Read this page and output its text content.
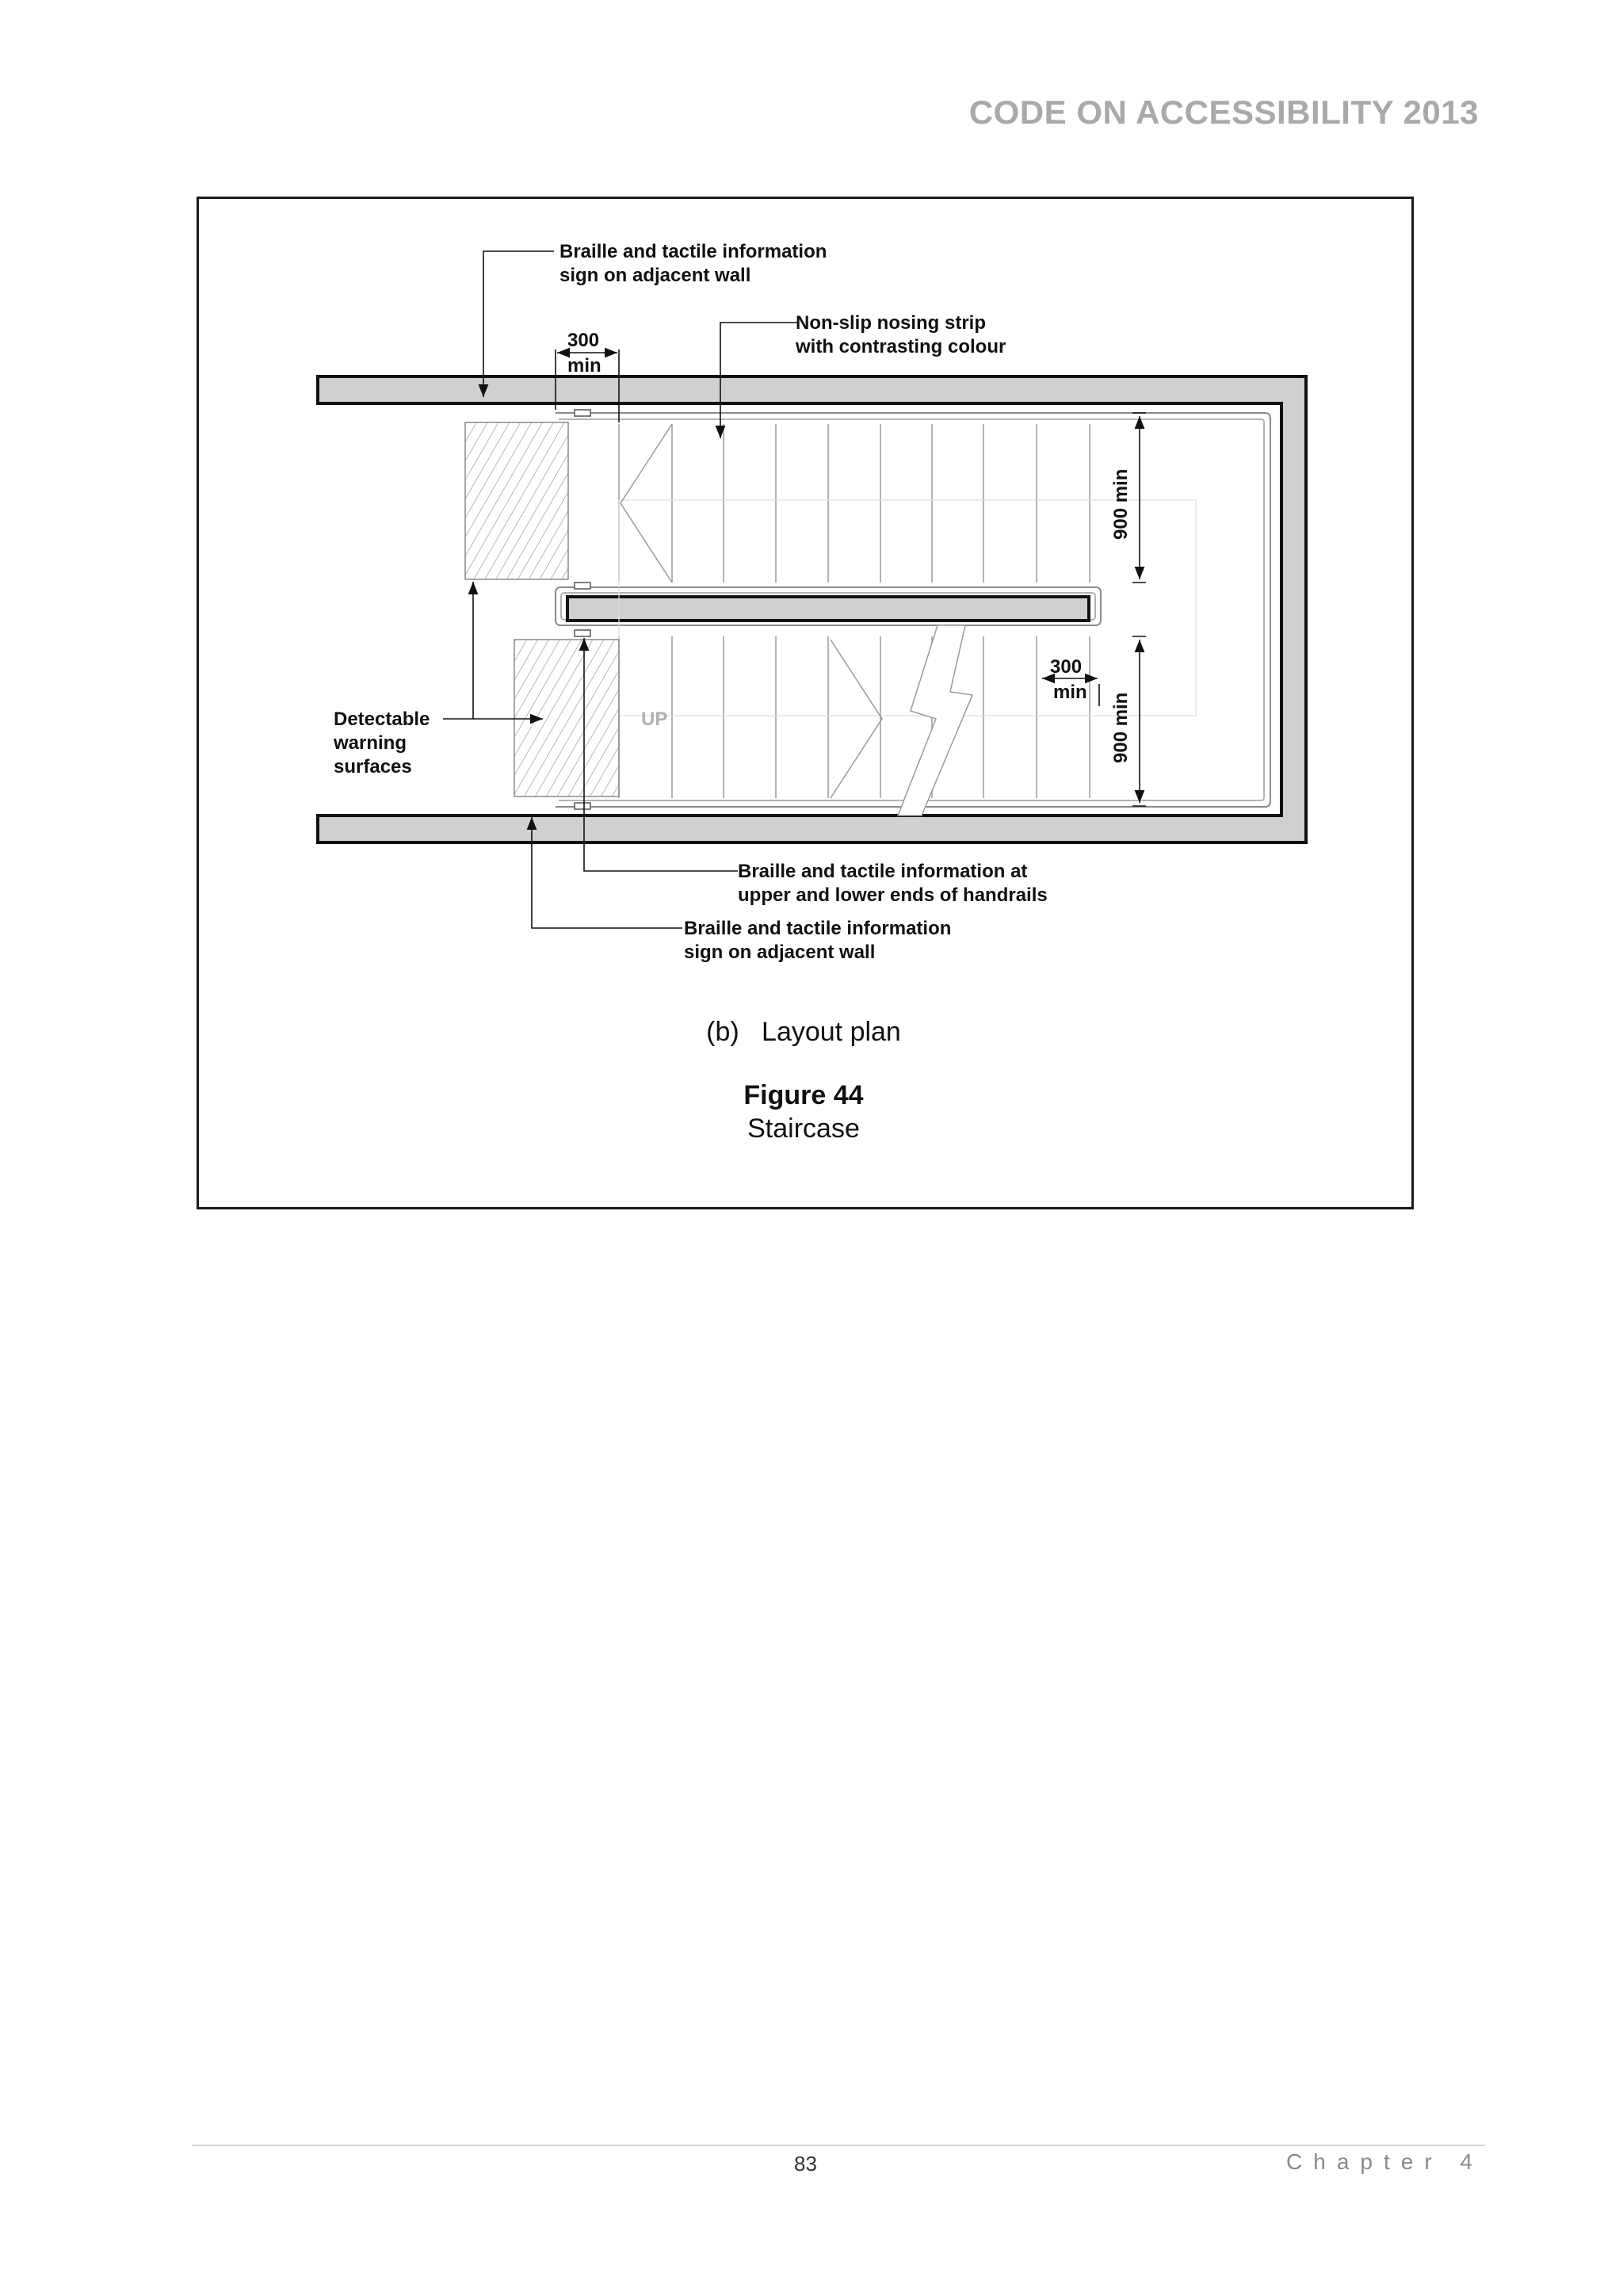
CODE ON ACCESSIBILITY 2013
Braille and tactile information
sign on adjacent wall
Non-slip nosing strip
with contrasting colour
300
min
300
min
900 min
900 min
Detectable
warning
surfaces
UP
Braille and tactile information at
upper and lower ends of handrails
Braille and tactile information
sign on adjacent wall
(b)   Layout plan
Figure 44
Staircase
83	Chapter 4
